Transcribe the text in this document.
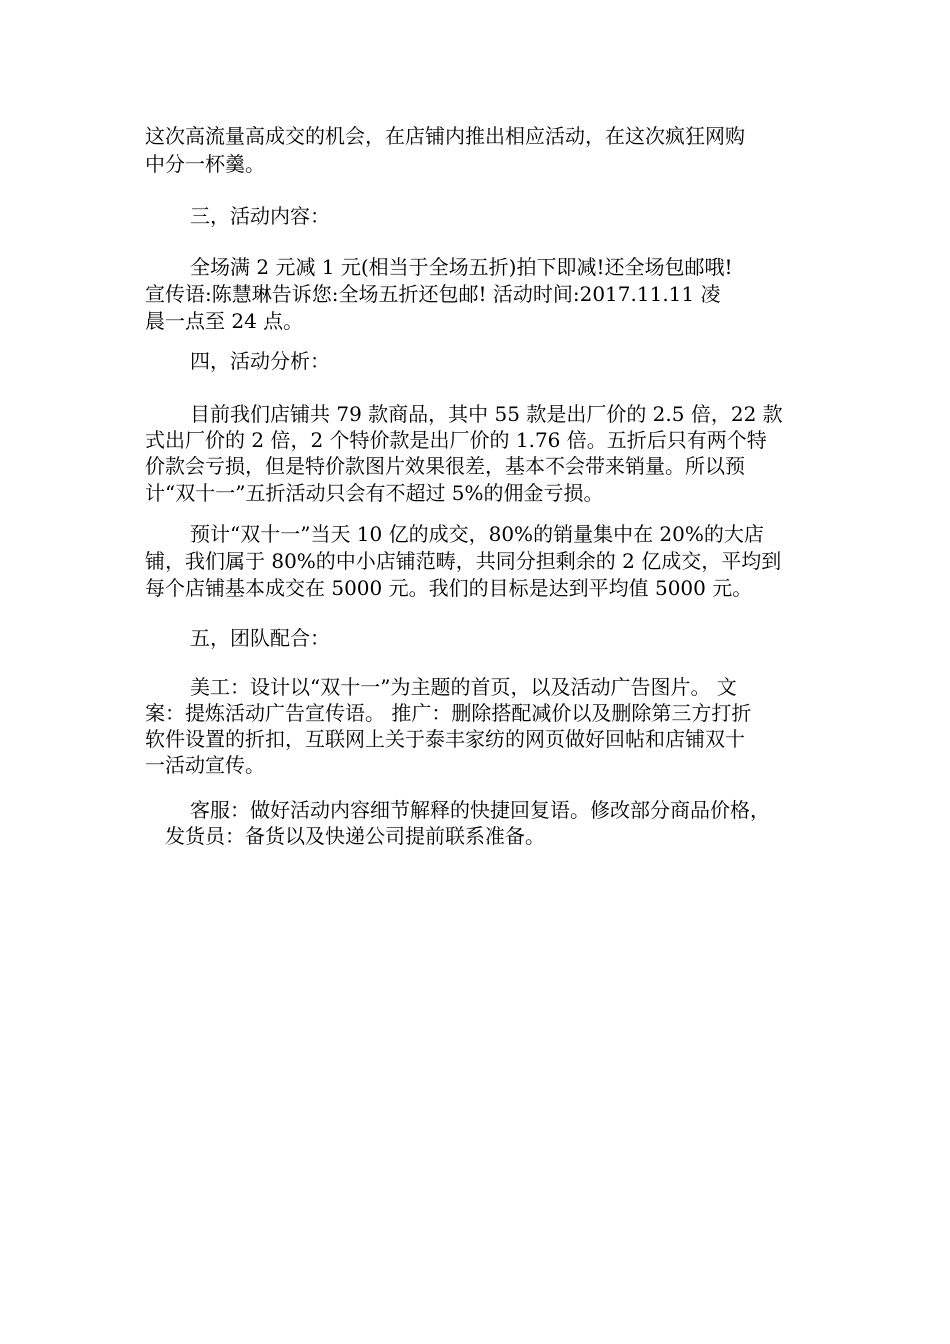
这次高流量高成交的机会，在店铺内推出相应活动，在这次疯狂网购
中分一杯羹。
三，活动内容：
全场满 2 元减 1 元(相当于全场五折)拍下即减!还全场包邮哦!
宣传语:陈慧琳告诉您:全场五折还包邮! 活动时间:2017.11.11 凌
晨一点至 24 点。
四，活动分析：
目前我们店铺共 79 款商品，其中 55 款是出厂价的 2.5 倍，22 款
式出厂价的 2 倍，2 个特价款是出厂价的 1.76 倍。五折后只有两个特
价款会亏损，但是特价款图片效果很差，基本不会带来销量。所以预
计“双十一”五折活动只会有不超过 5%的佣金亏损。
预计“双十一”当天 10 亿的成交，80%的销量集中在 20%的大店
铺，我们属于 80%的中小店铺范畴，共同分担剩余的 2 亿成交，平均到
每个店铺基本成交在 5000 元。我们的目标是达到平均值 5000 元。
五，团队配合：
美工：设计以“双十一”为主题的首页，以及活动广告图片。 文
案：提炼活动广告宣传语。 推广：删除搭配减价以及删除第三方打折
软件设置的折扣，互联网上关于泰丰家纺的网页做好回帖和店铺双十
一活动宣传。
客服：做好活动内容细节解释的快捷回复语。修改部分商品价格，
发货员：备货以及快递公司提前联系准备。
